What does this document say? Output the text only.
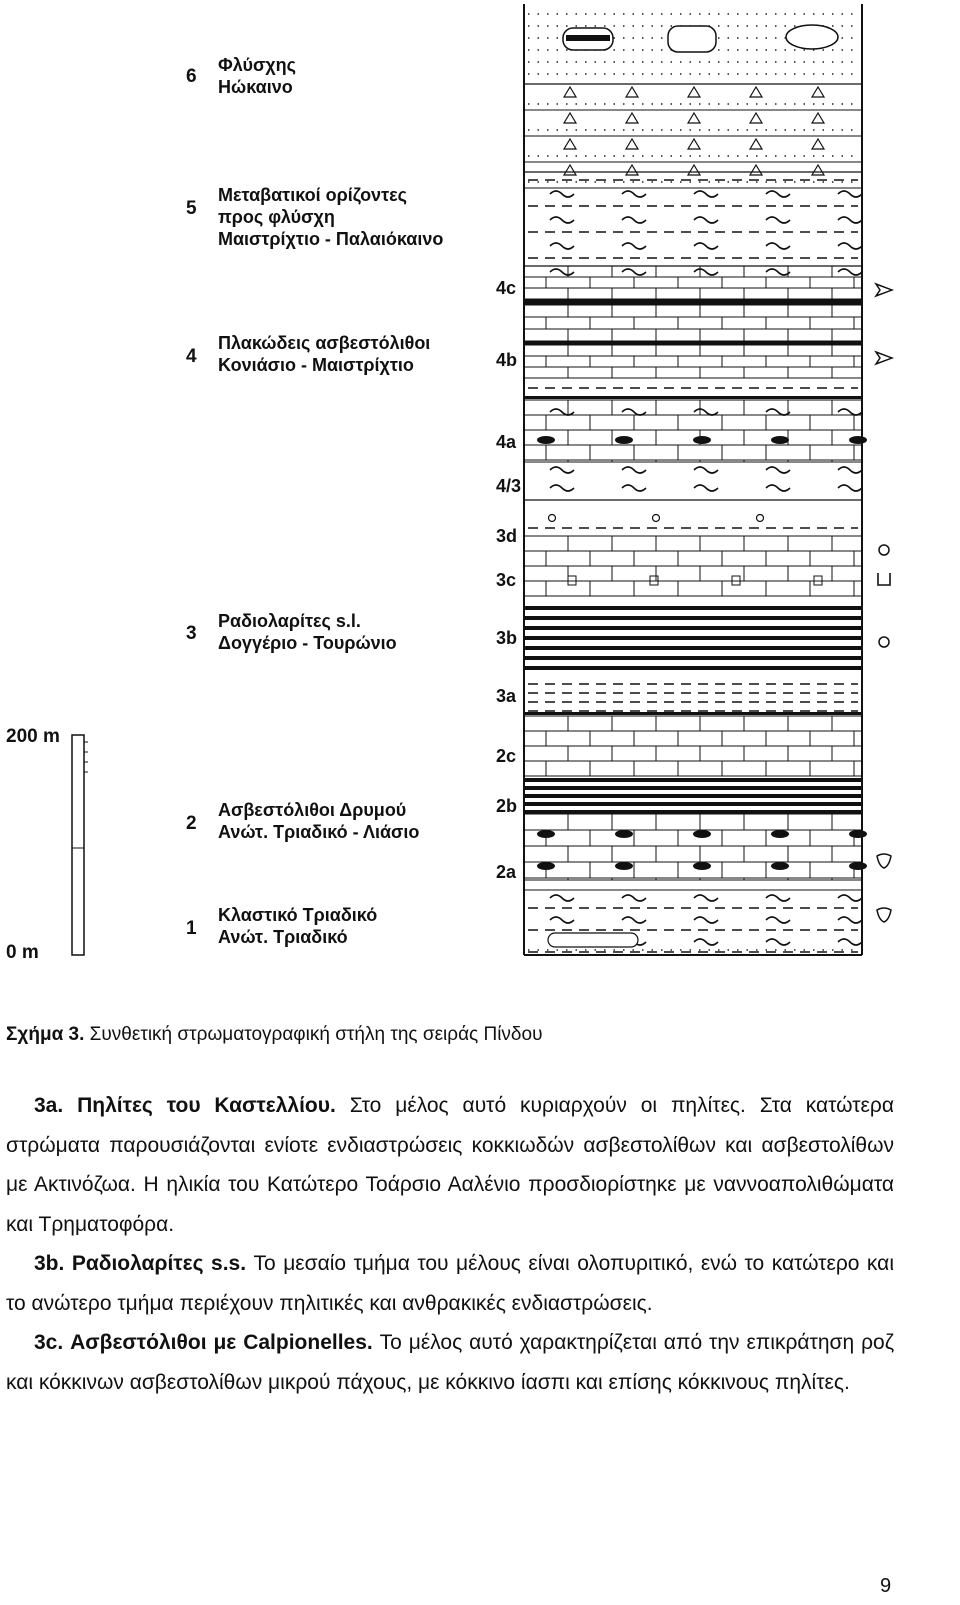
6
Φλύσχης
Ηώκαινο
5
Μεταβατικοί ορίζοντες
προς φλύσχη
Μαιστρίχτιο - Παλαιόκαινο
4
Πλακώδεις ασβεστόλιθοι
Κονιάσιο - Μαιστρίχτιο
3
Ραδιολαρίτες s.l.
Δογγέριο - Τουρώνιο
2
Ασβεστόλιθοι Δρυμού
Ανώτ. Τριαδικό - Λιάσιο
1
Κλαστικό Τριαδικό
Ανώτ. Τριαδικό
4c
4b
4a
4/3
3d
3c
3b
3a
2c
2b
2a
200 m
0 m
Σχήμα 3. Συνθετική στρωματογραφική στήλη της σειράς Πίνδου

3a. Πηλίτες του Καστελλίου. Στο μέλος αυτό κυριαρχούν οι πηλίτες. Στα κατώτερα στρώματα παρουσιάζονται ενίοτε ενδιαστρώσεις κοκκιωδών ασβεστολίθων και ασβεστολίθων με Ακτινόζωα. Η ηλικία του Κατώτερο Τοάρσιο Ααλένιο προσδιορίστηκε με ναννοαπολιθώματα και Τρηματοφόρα.

3b. Ραδιολαρίτες s.s. Το μεσαίο τμήμα του μέλους είναι ολοπυριτικό, ενώ το κατώτερο και το ανώτερο τμήμα περιέχουν πηλιτικές και ανθρακικές ενδιαστρώσεις.

3c. Ασβεστόλιθοι με Calpionelles. Το μέλος αυτό χαρακτηρίζεται από την επικράτηση ροζ και κόκκινων ασβεστολίθων μικρού πάχους, με κόκκινο ίασπι και επίσης κόκκινους πηλίτες.

9
